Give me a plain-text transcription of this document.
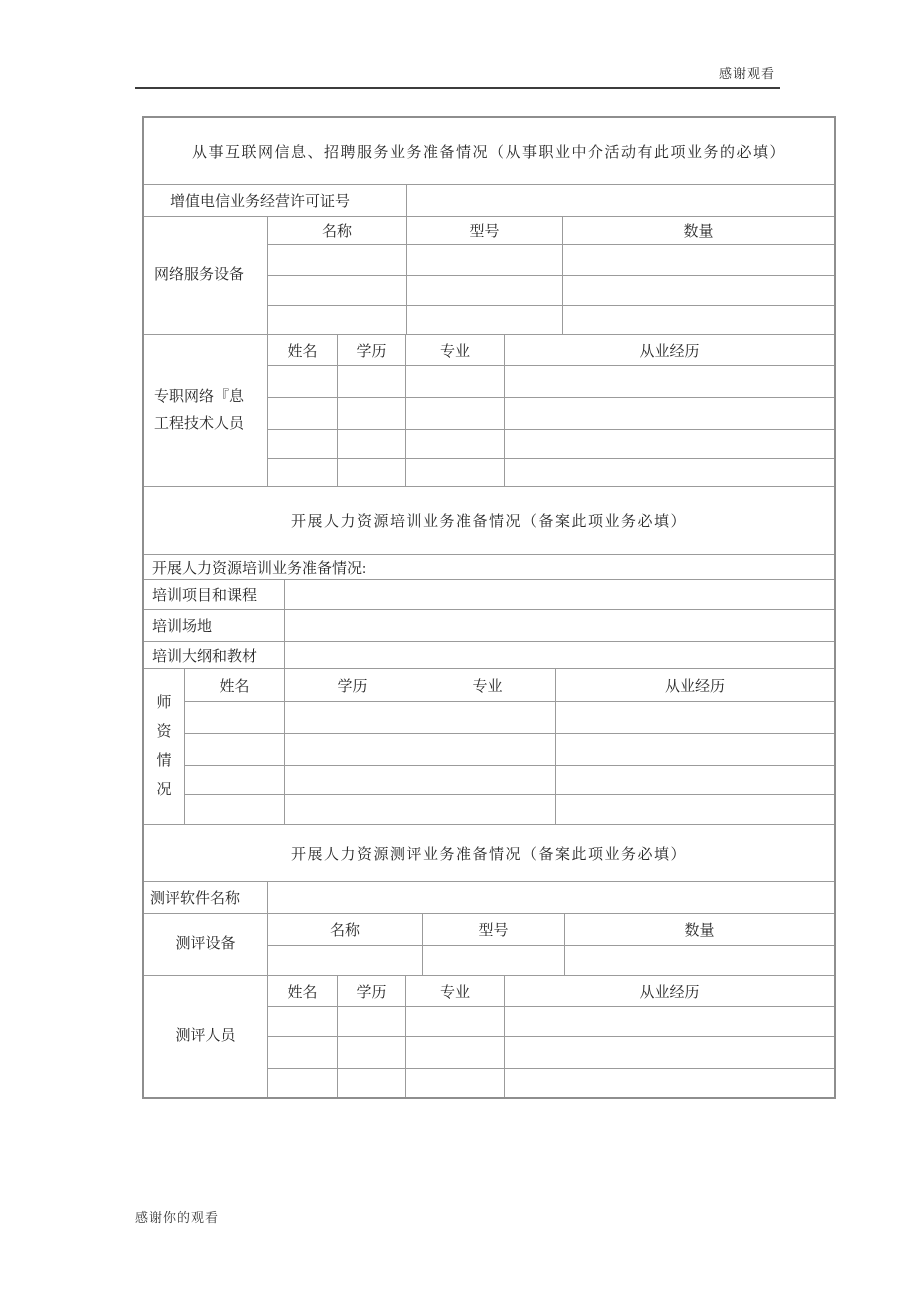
感谢观看
从事互联网信息、招聘服务业务准备情况（从事职业中介活动有此项业务的必填）
增值电信业务经营许可证号
网络服务设备
名称	型号	数量
专职网络『息
工程技术人员
姓名	学历	专业	从业经历
开展人力资源培训业务准备情况（备案此项业务必填）
开展人力资源培训业务准备情况:
培训项目和课程
培训场地
培训大纲和教材
师
资
情
况
姓名	学历	专业	从业经历
开展人力资源测评业务准备情况（备案此项业务必填）
测评软件名称
测评设备
名称	型号	数量
测评人员
姓名	学历	专业	从业经历
感谢你的观看
